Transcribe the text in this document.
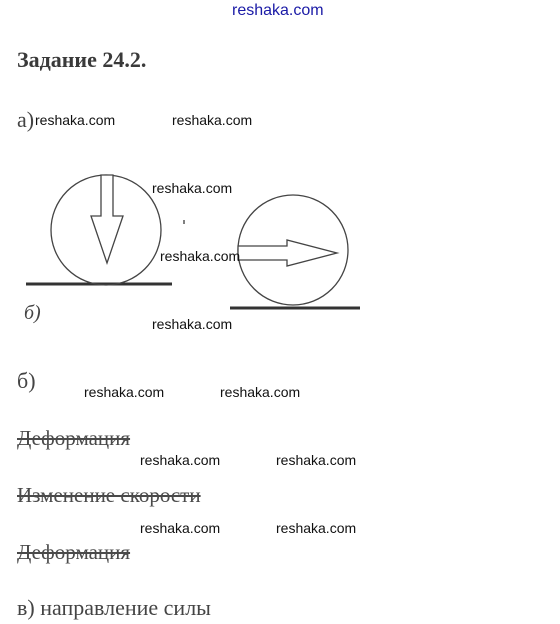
reshaka.com
Задание 24.2.
а) reshaka.com	reshaka.com
reshaka.com
reshaka.com
б)	reshaka.com
б)	reshaka.com	reshaka.com
Деформация
reshaka.com	reshaka.com
Изменение скорости
reshaka.com	reshaka.com
Деформация
в) направление силы
